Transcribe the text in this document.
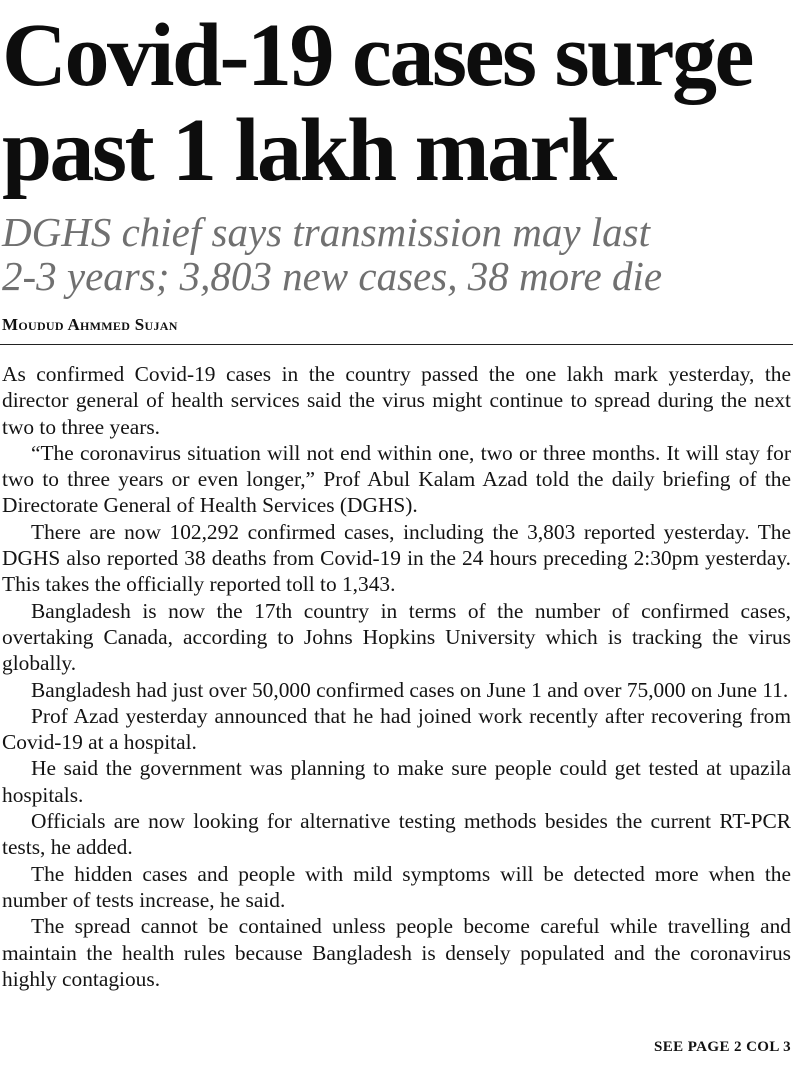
Covid-19 cases surge
past 1 lakh mark
DGHS chief says transmission may last
2-3 years; 3,803 new cases, 38 more die
Moudud Ahmmed Sujan

As confirmed Covid-19 cases in the country passed the one lakh mark yesterday, the director general of health services said the virus might continue to spread during the next two to three years.

“The coronavirus situation will not end within one, two or three months. It will stay for two to three years or even longer,” Prof Abul Kalam Azad told the daily briefing of the Directorate General of Health Services (DGHS).

There are now 102,292 confirmed cases, including the 3,803 reported yesterday. The DGHS also reported 38 deaths from Covid-19 in the 24 hours preceding 2:30pm yesterday. This takes the officially reported toll to 1,343.

Bangladesh is now the 17th country in terms of the number of confirmed cases, overtaking Canada, according to Johns Hopkins University which is tracking the virus globally.

Bangladesh had just over 50,000 confirmed cases on June 1 and over 75,000 on June 11.

Prof Azad yesterday announced that he had joined work recently after recovering from Covid-19 at a hospital.

He said the government was planning to make sure people could get tested at upazila hospitals.

Officials are now looking for alternative testing methods besides the current RT-PCR tests, he added.

The hidden cases and people with mild symptoms will be detected more when the number of tests increase, he said.

The spread cannot be contained unless people become careful while travelling and maintain the health rules because Bangladesh is densely populated and the coronavirus highly contagious.

SEE PAGE 2 COL 3
